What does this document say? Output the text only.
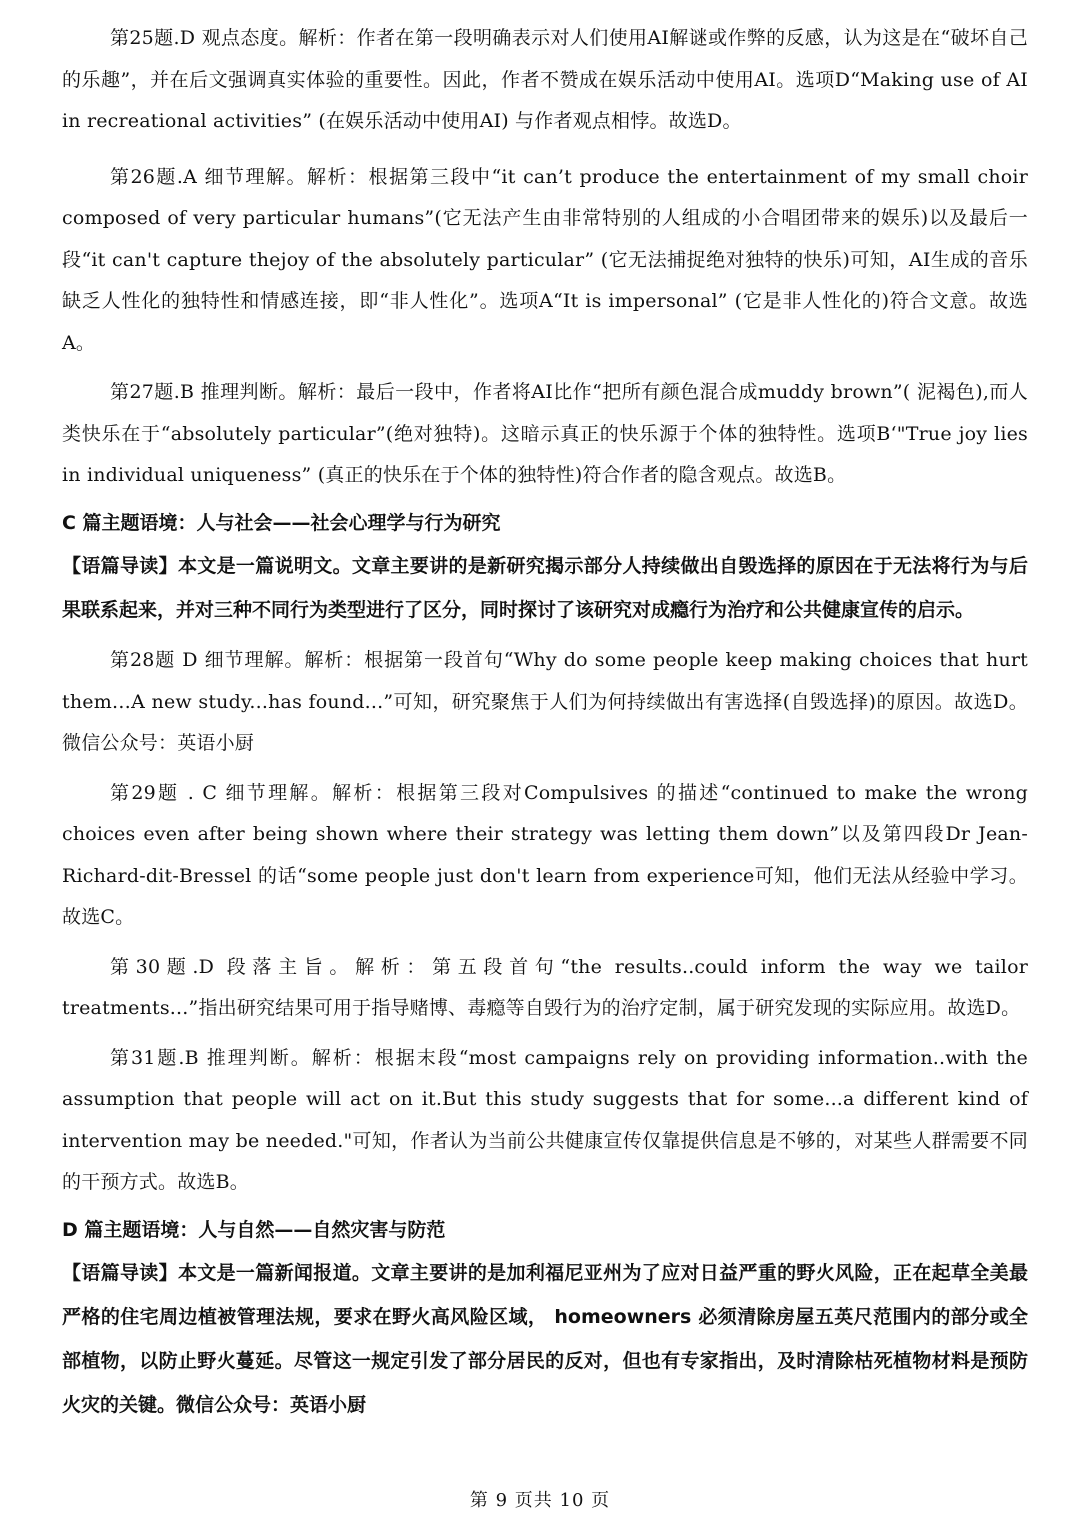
第25题.D 观点态度。解析：作者在第一段明确表示对人们使用AI解谜或作弊的反感，认为这是在“破坏自己的乐趣”，并在后文强调真实体验的重要性。因此，作者不赞成在娱乐活动中使用AI。选项D“Making use of AI in recreational activities” (在娱乐活动中使用AI) 与作者观点相悖。故选D。

第26题.A 细节理解。解析：根据第三段中“it can’t produce the entertainment of my small choir composed of very particular humans”(它无法产生由非常特别的人组成的小合唱团带来的娱乐)以及最后一段“it can't capture thejoy of the absolutely particular” (它无法捕捉绝对独特的快乐)可知，AI生成的音乐缺乏人性化的独特性和情感连接，即“非人性化”。选项A“It is impersonal” (它是非人性化的)符合文意。故选A。

第27题.B 推理判断。解析：最后一段中，作者将AI比作“把所有颜色混合成muddy brown”( 泥褐色),而人类快乐在于“absolutely particular”(绝对独特)。这暗示真正的快乐源于个体的独特性。选项B‘"True joy lies in individual uniqueness” (真正的快乐在于个体的独特性)符合作者的隐含观点。故选B。

C 篇主题语境：人与社会——社会心理学与行为研究

【语篇导读】本文是一篇说明文。文章主要讲的是新研究揭示部分人持续做出自毁选择的原因在于无法将行为与后果联系起来，并对三种不同行为类型进行了区分，同时探讨了该研究对成瘾行为治疗和公共健康宣传的启示。

第28题 D 细节理解。解析：根据第一段首句“Why do some people keep making choices that hurt them…A new study...has found...”可知，研究聚焦于人们为何持续做出有害选择(自毁选择)的原因。故选D。 微信公众号：英语小厨

第29题 . C 细节理解。解析：根据第三段对Compulsives 的描述“continued to make the wrong choices even after being shown where their strategy was letting them down”以及第四段Dr Jean-Richard-dit-Bressel 的话“some people just don't learn from experience可知，他们无法从经验中学习。故选C。

第30题.D 段落主旨。解析：第五段首句“the results..could inform the way we tailor treatments...”指出研究结果可用于指导赌博、毒瘾等自毁行为的治疗定制，属于研究发现的实际应用。故选D。

第31题.B 推理判断。解析：根据末段“most campaigns rely on providing information..with the assumption that people will act on it.But this study suggests that for some...a different kind of intervention may be needed."可知，作者认为当前公共健康宣传仅靠提供信息是不够的，对某些人群需要不同的干预方式。故选B。

D 篇主题语境：人与自然——自然灾害与防范

【语篇导读】本文是一篇新闻报道。文章主要讲的是加利福尼亚州为了应对日益严重的野火风险，正在起草全美最严格的住宅周边植被管理法规，要求在野火高风险区域， homeowners 必须清除房屋五英尺范围内的部分或全部植物，以防止野火蔓延。尽管这一规定引发了部分居民的反对，但也有专家指出，及时清除枯死植物材料是预防火灾的关键。微信公众号：英语小厨

第 9 页共 10 页
